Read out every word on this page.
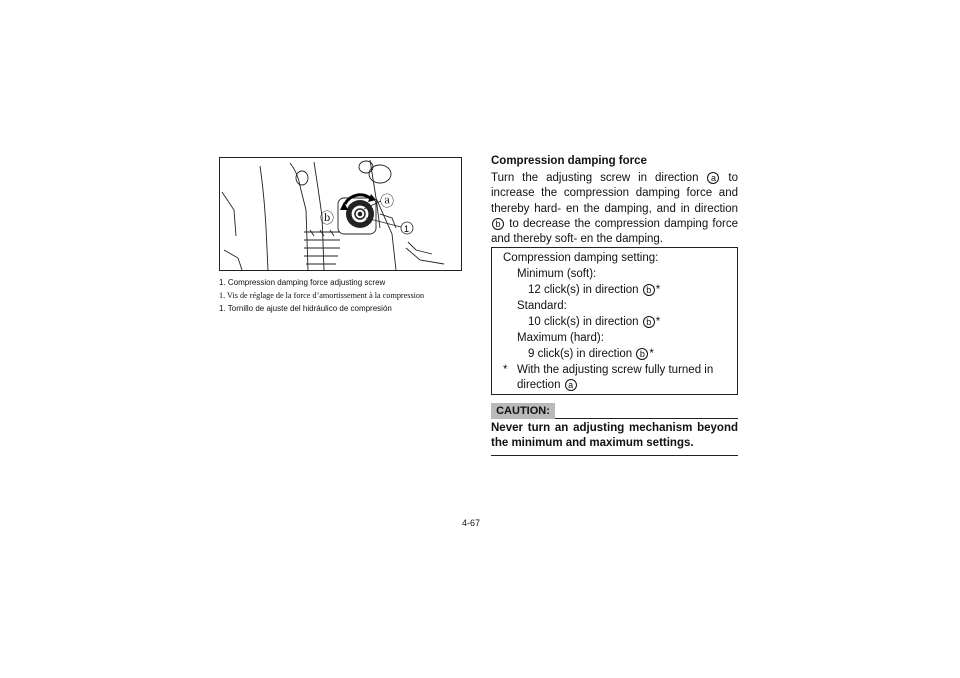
ⓐ
ⓑ
1
1. Compression damping force adjusting screw
1. Vis de réglage de la force d’amortissement à la compression
1. Tornillo de ajuste del hidráulico de compresión

Compression damping force

Turn the adjusting screw in direction a to increase the compression damping force and thereby hard- en the damping, and in direction b to decrease the compression damping force and thereby soft- en the damping.

Compression damping setting:
Minimum (soft):
12 click(s) in direction b *
Standard:
10 click(s) in direction b *
Maximum (hard):
9 click(s) in direction b *
* With the adjusting screw fully turned in
direction a
CAUTION:

Never turn an adjusting mechanism beyond the minimum and maximum settings.

4-67
